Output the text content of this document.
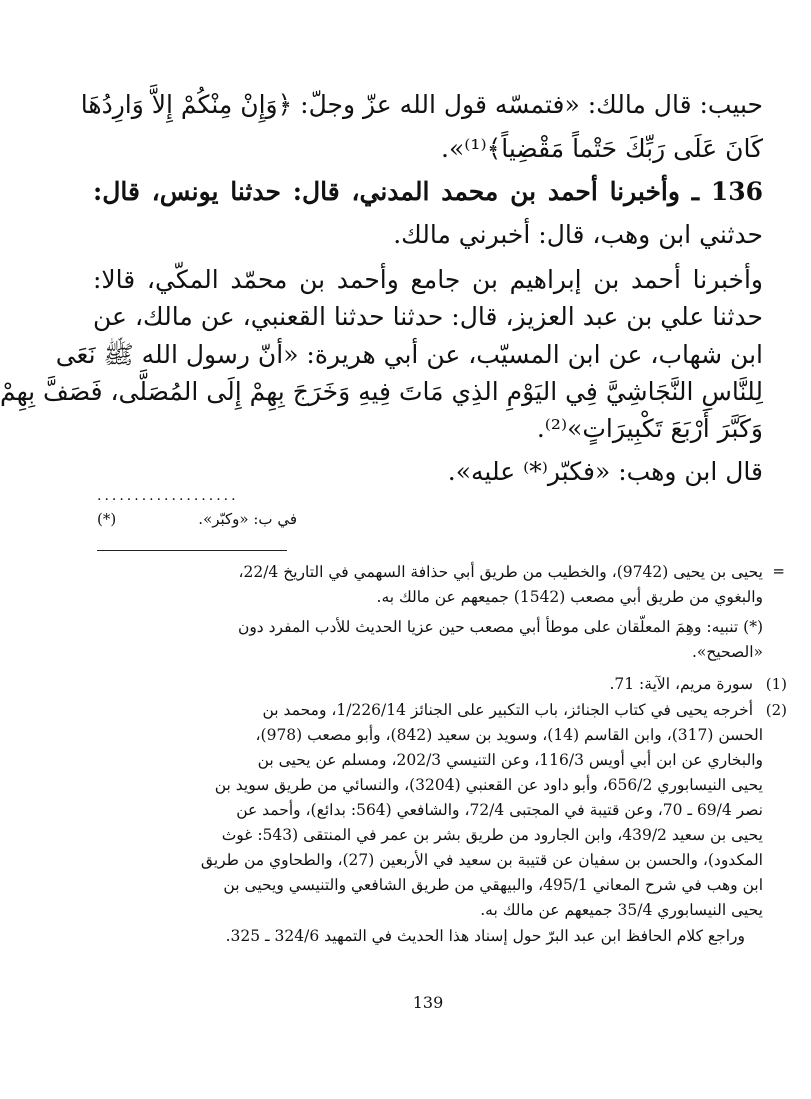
حبيب: قال مالك: «فتمسّه قول الله عزّ وجلّ: ﴿وَإِنْ مِنْكُمْ إِلاَّ وَارِدُهَا
كَانَ عَلَى رَبِّكَ حَتْماً مَقْضِياً﴾⁽¹⁾».
136 ـ وأخبرنا أحمد بن محمد المدني، قال: حدثنا يونس، قال:
حدثني ابن وهب، قال: أخبرني مالك.
وأخبرنا أحمد بن إبراهيم بن جامع وأحمد بن محمّد المكّي، قالا:
حدثنا علي بن عبد العزيز، قال: حدثنا حدثنا القعنبي، عن مالك، عن
ابن شهاب، عن ابن المسيّب، عن أبي هريرة: «أنّ رسول الله ﷺ نَعَى
لِلنَّاسِ النَّجَاشِيَّ فِي اليَوْمِ الذِي مَاتَ فِيهِ وَخَرَجَ بِهِمْ إِلَى المُصَلَّى، فَصَفَّ بِهِمْ
وَكَبَّرَ أَرْبَعَ تَكْبِيرَاتٍ»⁽²⁾.
قال ابن وهب: «فكبّر⁽*⁾ عليه».
...................
(*)	في ب: «وكبّر».
=
يحيى بن يحيى (9742)، والخطيب من طريق أبي حذافة السهمي في التاريخ 22/4،
والبغوي من طريق أبي مصعب (1542) جميعهم عن مالك به.
(*) تنبيه: وهِمَ المعلّقان على موطأ أبي مصعب حين عزيا الحديث للأدب المفرد دون
«الصحيح».
(1)
سورة مريم، الآية: 71.
(2)
أخرجه يحيى في كتاب الجنائز، باب التكبير على الجنائز 1/226/14، ومحمد بن
الحسن (317)، وابن القاسم (14)، وسويد بن سعيد (842)، وأبو مصعب (978)،
والبخاري عن ابن أبي أويس 116/3، وعن التنيسي 202/3، ومسلم عن يحيى بن
يحيى النيسابوري 656/2، وأبو داود عن القعنبي (3204)، والنسائي من طريق سويد بن
نصر 69/4 ـ 70، وعن قتيبة في المجتبى 72/4، والشافعي (564: بدائع)، وأحمد عن
يحيى بن سعيد 439/2، وابن الجارود من طريق بشر بن عمر في المنتقى (543: غوث
المكدود)، والحسن بن سفيان عن قتيبة بن سعيد في الأربعين (27)، والطحاوي من طريق
ابن وهب في شرح المعاني 495/1، والبيهقي من طريق الشافعي والتنيسي ويحيى بن
يحيى النيسابوري 35/4 جميعهم عن مالك به.
وراجع كلام الحافظ ابن عبد البرّ حول إسناد هذا الحديث في التمهيد 324/6 ـ 325.
139
